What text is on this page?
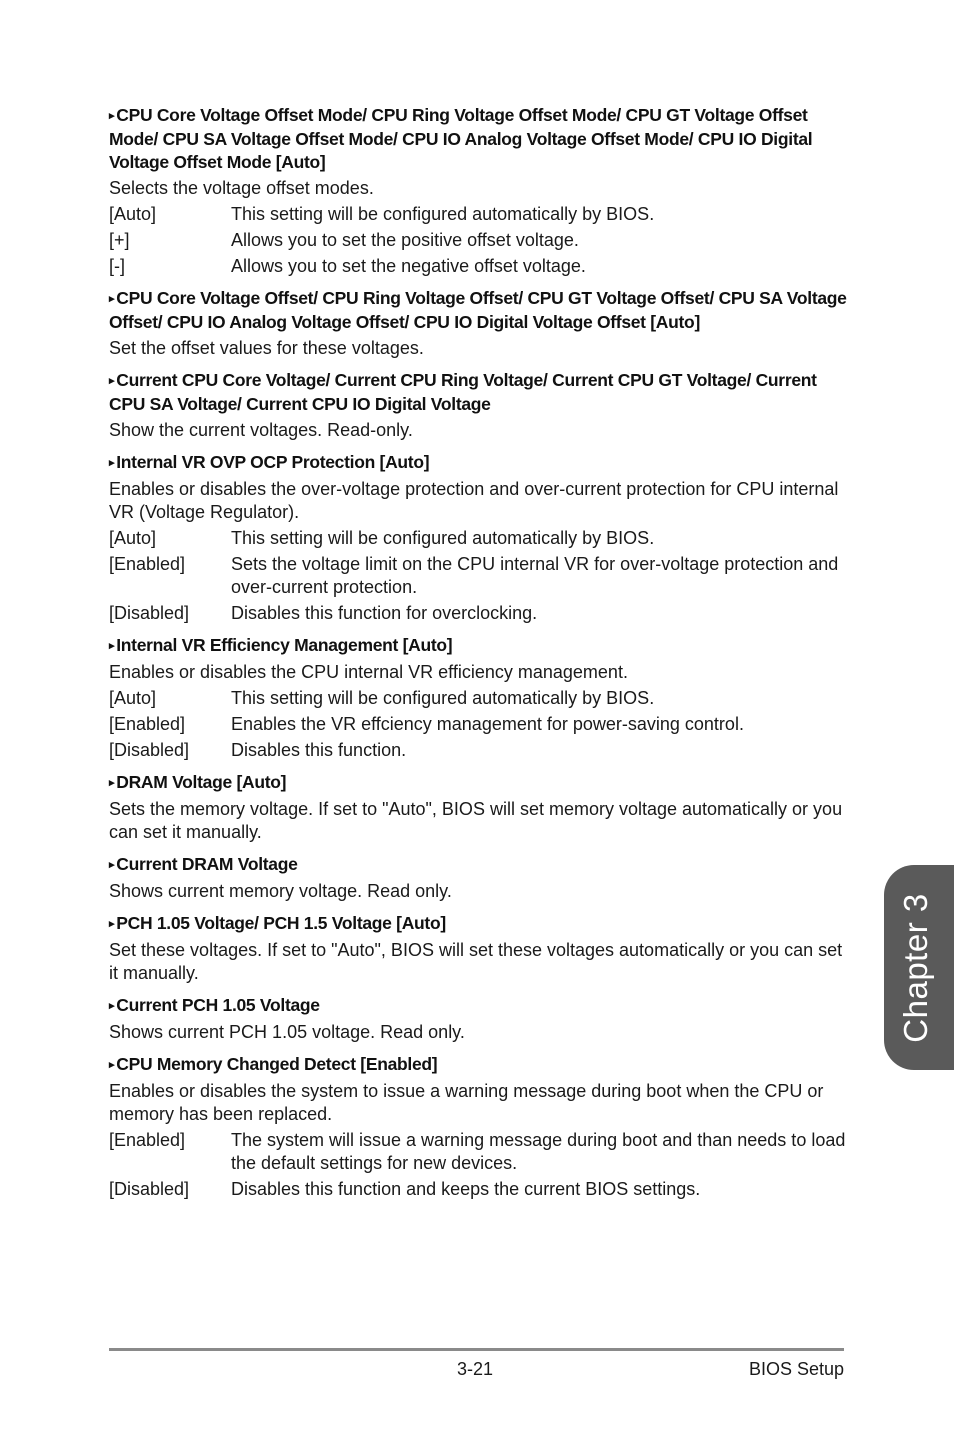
▸ CPU Core Voltage Offset Mode/ CPU Ring Voltage Offset Mode/ CPU GT Voltage Offset Mode/ CPU SA Voltage Offset Mode/ CPU IO Analog Voltage Offset Mode/ CPU IO Digital Voltage Offset Mode [Auto]
Selects the voltage offset modes.
[Auto]	This setting will be configured automatically by BIOS.
[+]	Allows you to set the positive offset voltage.
[-]	Allows you to set the negative offset voltage.
▸ CPU Core Voltage Offset/ CPU Ring Voltage Offset/ CPU GT Voltage Offset/ CPU SA Voltage Offset/ CPU IO Analog Voltage Offset/ CPU IO Digital Voltage Offset [Auto]
Set the offset values for these voltages.
▸ Current CPU Core Voltage/ Current CPU Ring Voltage/ Current CPU GT Voltage/ Current CPU SA Voltage/ Current CPU IO Digital Voltage
Show the current voltages. Read-only.
▸ Internal VR OVP OCP Protection [Auto]
Enables or disables the over-voltage protection and over-current protection for CPU internal VR (Voltage Regulator).
[Auto]	This setting will be configured automatically by BIOS.
[Enabled]	Sets the voltage limit on the CPU internal VR for over-voltage protection and over-current protection.
[Disabled]	Disables this function for overclocking.
▸ Internal VR Efficiency Management [Auto]
Enables or disables the CPU internal VR efficiency management.
[Auto]	This setting will be configured automatically by BIOS.
[Enabled]	Enables the VR effciency management for power-saving control.
[Disabled]	Disables this function.
▸ DRAM Voltage [Auto]
Sets the memory voltage. If set to "Auto", BIOS will set memory voltage automatically or you can set it manually.
▸ Current DRAM Voltage
Shows current memory voltage. Read only.
▸ PCH 1.05 Voltage/ PCH 1.5 Voltage [Auto]
Set these voltages. If set to "Auto", BIOS will set these voltages automatically or you can set it manually.
▸ Current PCH 1.05 Voltage
Shows current PCH 1.05 voltage. Read only.
▸ CPU Memory Changed Detect [Enabled]
Enables or disables the system to issue a warning message during boot when the CPU or memory has been replaced.
[Enabled]	The system will issue a warning message during boot and than needs to load the default settings for new devices.
[Disabled]	Disables this function and keeps the current BIOS settings.
3-21	BIOS Setup
Chapter 3
